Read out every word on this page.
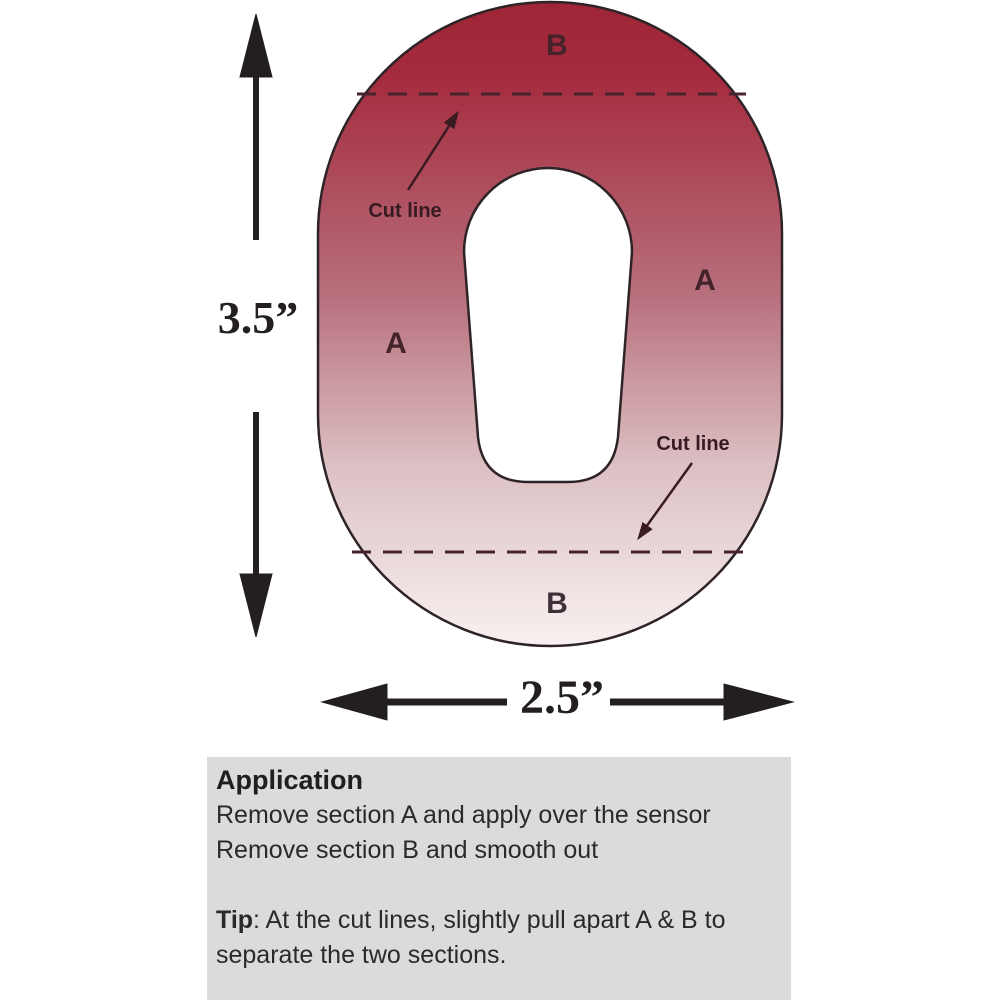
B
A
A
B
Cut line
Cut line
3.5”
2.5”
Application
Remove section A and apply over the sensor
Remove section B and smooth out
Tip: At the cut lines, slightly pull apart A & B to
separate the two sections.
